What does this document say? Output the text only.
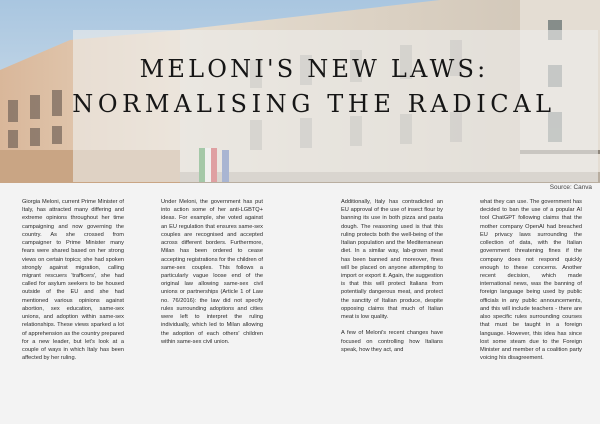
MELONI'S NEW LAWS:
NORMALISING THE RADICAL
Source: Canva

Giorgia Meloni, current Prime Minister of Italy, has attracted many differing and extreme opinions throughout her time campaigning and now governing the country. As she crossed from campaigner to Prime Minister many fears were shared based on her strong views on certain topics; she had spoken strongly against migration, calling migrant rescuers 'trafficers', she had called for asylum seekers to be housed outside of the EU and she had mentioned various opinions against abortion, sex education, same-sex unions, and adoption within same-sex relationships. These views sparked a lot of apprehension as the country prepared for a new leader, but let's look at a couple of ways in which Italy has been affected by her ruling.

Under Meloni, the government has put into action some of her anti-LGBTQ+ ideas. For example, she voted against an EU regulation that ensures same-sex couples are recognised and accepted across different borders. Furthermore, Milan has been ordered to cease accepting registrations for the children of same-sex couples. This follows a particularly vague loose end of the original law allowing same-sex civil unions or partnerships (Article 1 of Law no. 76/2016): the law did not specify rules surrounding adoptions and cities were left to interpret the ruling individually, which led to Milan allowing the adoption of each others' children within same-sex civil union.

Additionally, Italy has contradicted an EU approval of the use of insect flour by banning its use in both pizza and pasta dough. The reasoning used is that this ruling protects both the well-being of the Italian population and the Mediterranean diet. In a similar way, lab-grown meat has been banned and moreover, fines will be placed on anyone attempting to import or export it. Again, the suggestion is that this will protect Italians from potentially dangerous meat, and protect the sanctity of Italian produce, despite opposing claims that much of Italian meat is low quality.

A few of Meloni's recent changes have focused on controlling how Italians speak, how they act, and

what they can use. The government has decided to ban the use of a popular AI tool ChatGPT following claims that the mother company OpenAI had breached EU privacy laws surrounding the collection of data, with the Italian government threatening fines if the company does not respond quickly enough to these concerns. Another recent decision, which made international news, was the banning of foreign language being used by public officials in any public announcements, and this will include teachers - there are also specific rules surrounding courses that must be taught in a foreign language. However, this idea has since lost some steam due to the Foreign Minister and member of a coalition party voicing his disagreement.
